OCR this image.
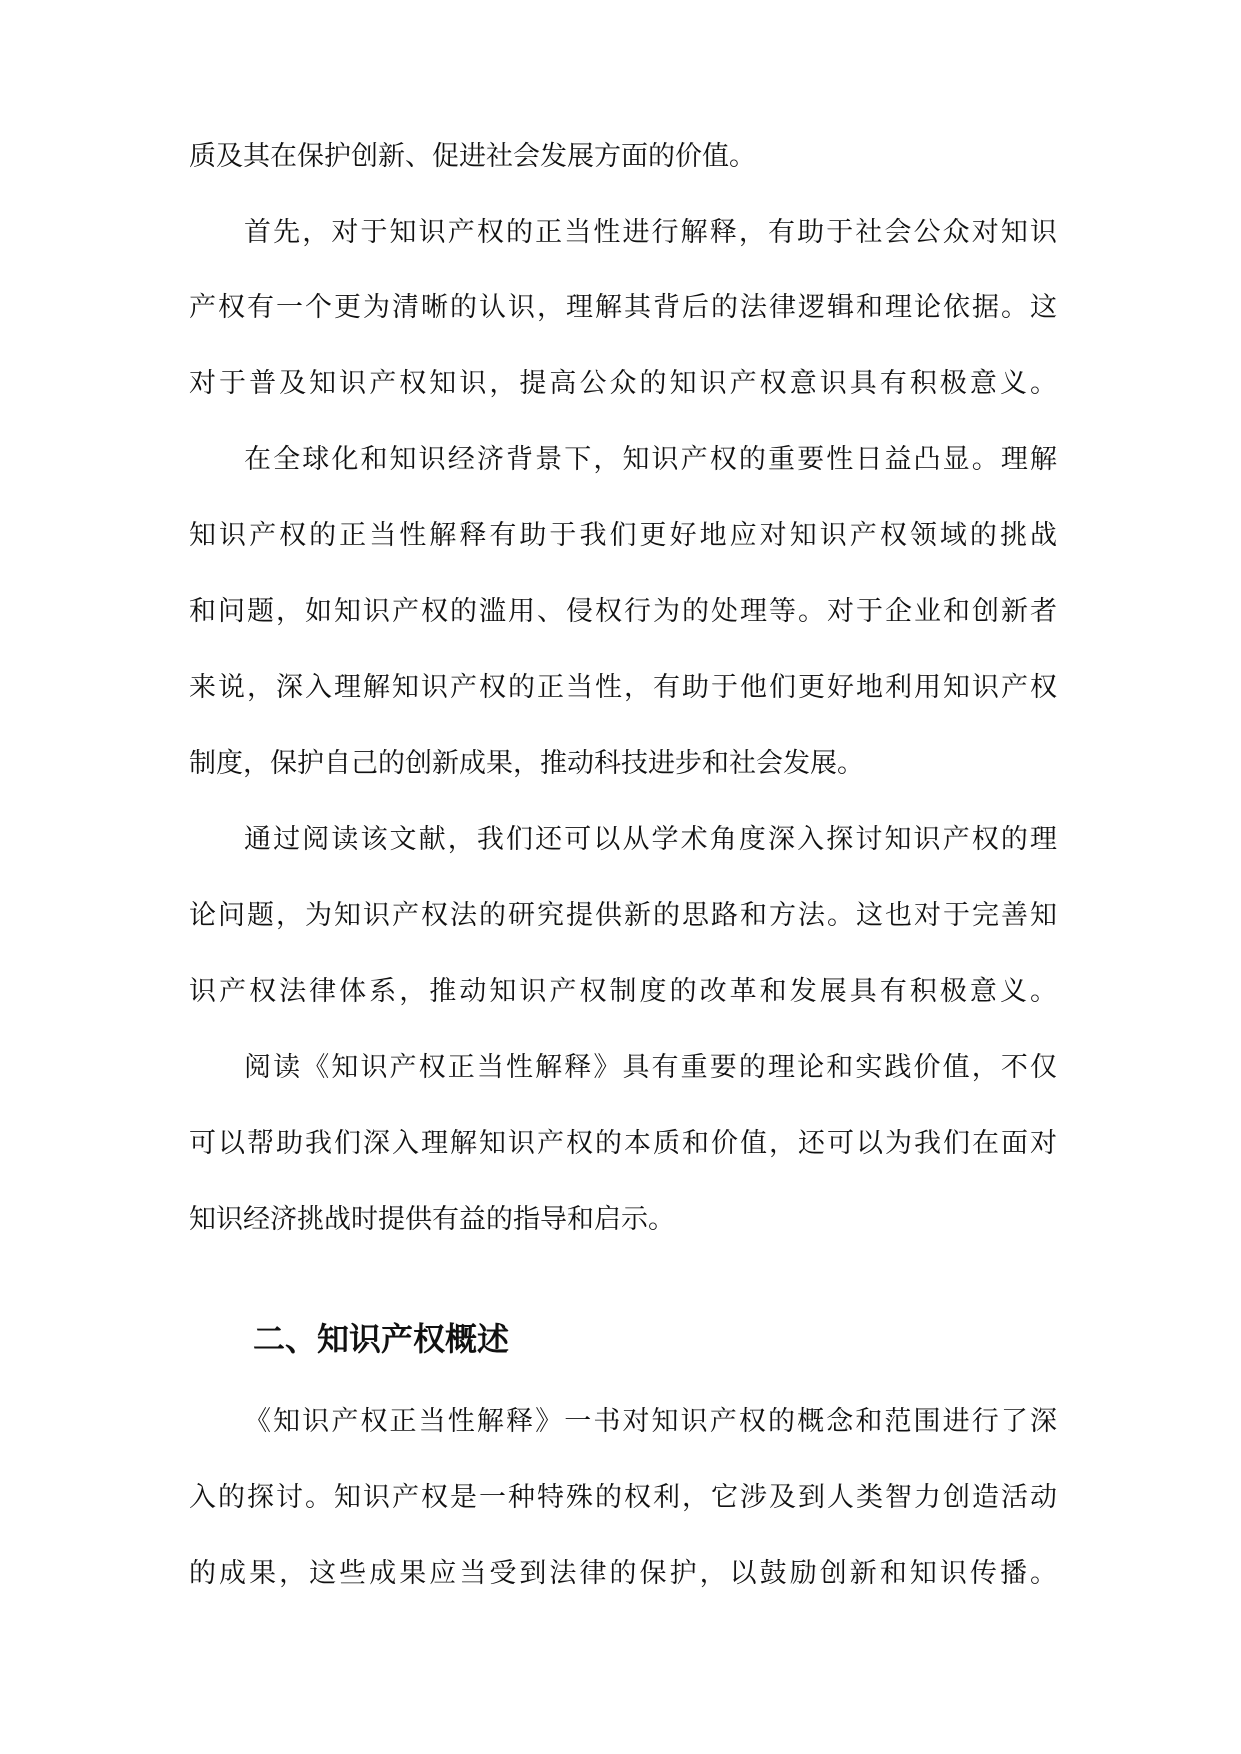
质及其在保护创新、促进社会发展方面的价值。
首先，对于知识产权的正当性进行解释，有助于社会公众对知识
产权有一个更为清晰的认识，理解其背后的法律逻辑和理论依据。这
对于普及知识产权知识，提高公众的知识产权意识具有积极意义。
在全球化和知识经济背景下，知识产权的重要性日益凸显。理解
知识产权的正当性解释有助于我们更好地应对知识产权领域的挑战
和问题，如知识产权的滥用、侵权行为的处理等。对于企业和创新者
来说，深入理解知识产权的正当性，有助于他们更好地利用知识产权
制度，保护自己的创新成果，推动科技进步和社会发展。
通过阅读该文献，我们还可以从学术角度深入探讨知识产权的理
论问题，为知识产权法的研究提供新的思路和方法。这也对于完善知
识产权法律体系，推动知识产权制度的改革和发展具有积极意义。
阅读《知识产权正当性解释》具有重要的理论和实践价值，不仅
可以帮助我们深入理解知识产权的本质和价值，还可以为我们在面对
知识经济挑战时提供有益的指导和启示。
《知识产权正当性解释》一书对知识产权的概念和范围进行了深
入的探讨。知识产权是一种特殊的权利，它涉及到人类智力创造活动
的成果，这些成果应当受到法律的保护，以鼓励创新和知识传播。
二、知识产权概述
